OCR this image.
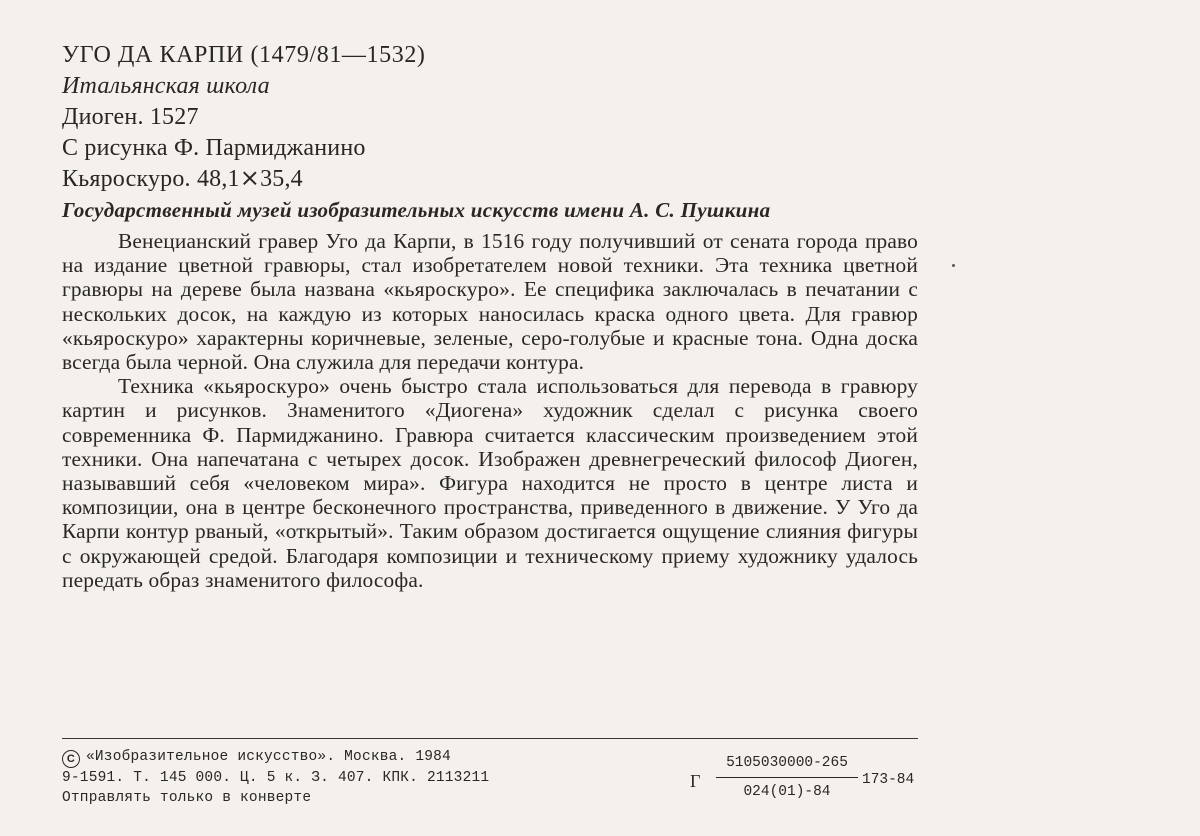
УГО ДА КАРПИ (1479/81—1532)
Итальянская школа
Диоген. 1527
С рисунка Ф. Пармиджанино
Кьяроскуро. 48,1⨯35,4
Государственный музей изобразительных искусств имени А. С. Пушкина

Венецианский гравер Уго да Карпи, в 1516 году получивший от сената города право на издание цветной гравюры, стал изобретателем новой техники. Эта техника цветной гравюры на дереве была названа «кьяроскуро». Ее специфика заключалась в печатании с нескольких досок, на каждую из которых наносилась краска одного цвета. Для гравюр «кьяроскуро» характерны коричневые, зеленые, серо-голубые и красные тона. Одна доска всегда была черной. Она служила для передачи контура.

Техника «кьяроскуро» очень быстро стала использоваться для перевода в гравюру картин и рисунков. Знаменитого «Диогена» художник сделал с рисунка своего современника Ф. Пармиджанино. Гравюра считается классическим произведением этой техники. Она напечатана с четырех досок. Изображен древнегреческий философ Диоген, называвший себя «человеком мира». Фигура находится не просто в центре листа и композиции, она в центре бесконечного пространства, приведенного в движение. У Уго да Карпи контур рваный, «открытый». Таким образом достигается ощущение слияния фигуры с окружающей средой. Благодаря композиции и техническому приему художнику удалось передать образ знаменитого философа.

С «Изобразительное искусство». Москва. 1984
9-1591. Т. 145 000. Ц. 5 к. З. 407. КПК. 2113211
Отправлять только в конверте
Г
5105030000-265
024(01)-84
173-84
